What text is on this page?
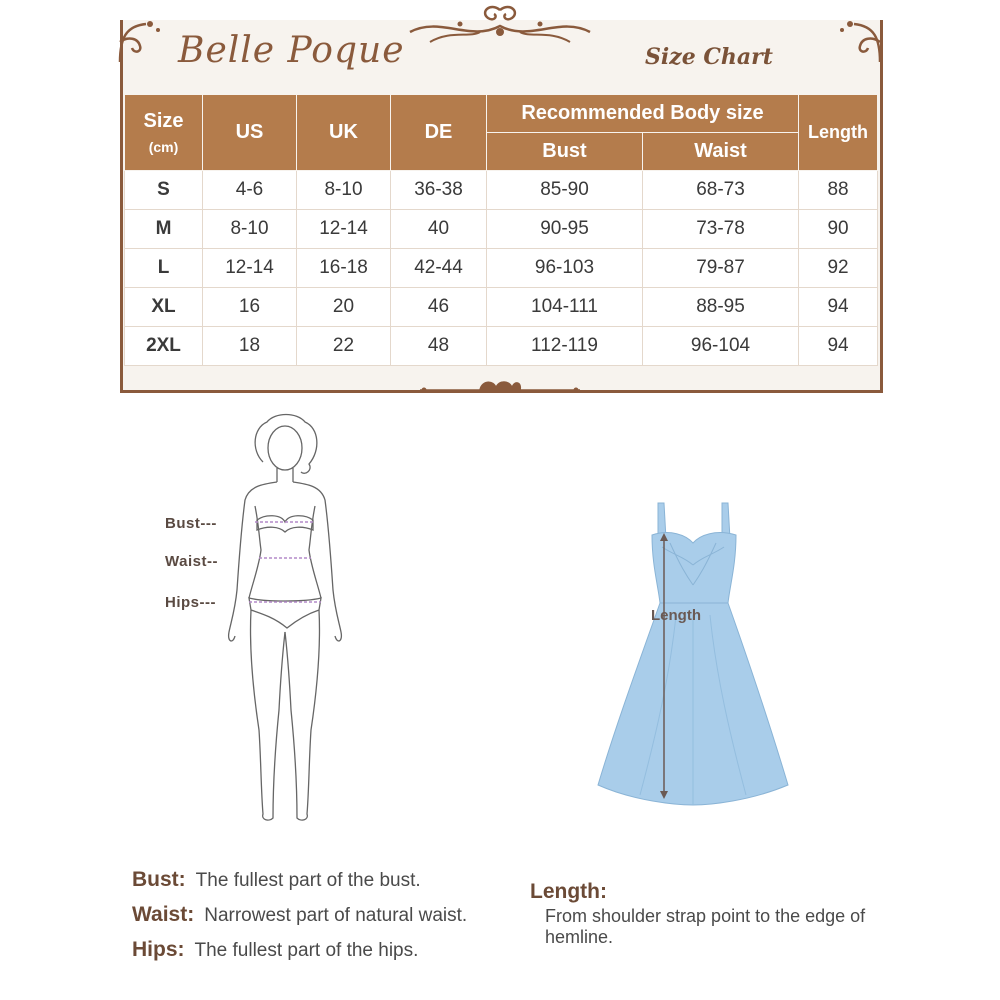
Belle Poque	Size Chart
Size
(cm)	US	UK	DE	Recommended Body size		Length
				Bust	Waist	
S	4-6	8-10	36-38	85-90	68-73	88
M	8-10	12-14	40	90-95	73-78	90
L	12-14	16-18	42-44	96-103	79-87	92
XL	16	20	46	104-111	88-95	94
2XL	18	22	48	112-119	96-104	94
Bust---
Waist--
Hips---
Length
Bust: The fullest part of the bust.
Waist: Narrowest part of natural waist.
Hips: The fullest part of the hips.
Length:
From shoulder strap point to the edge of hemline.
